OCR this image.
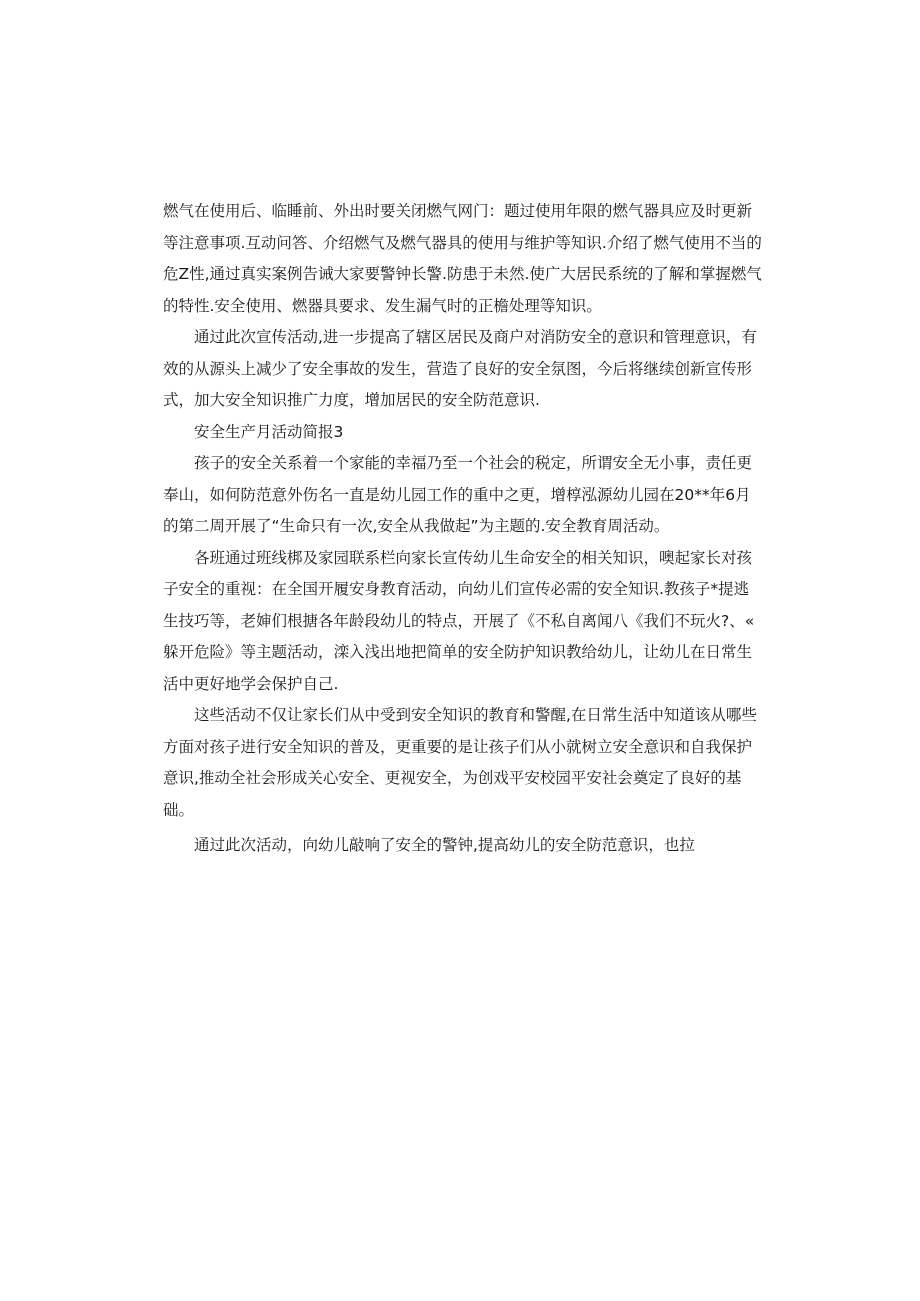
燃气在使用后、临睡前、外出时要关闭燃气网门：题过使用年限的燃气器具应及时更新
等注意事项.互动问答、介绍燃气及燃气器具的使用与维护等知识.介绍了燃气使用不当的
危Z性,通过真实案例告诫大家要警钟长警.防患于未然.使广大居民系统的了解和掌握燃气
的特性.安全使用、燃器具要求、发生漏气时的正檐处理等知识。
通过此次宣传活动,进一步提高了辖区居民及商户对消防安全的意识和管理意识，有
效的从源头上减少了安全事故的发生，营造了良好的安全氛图，今后将继续创新宣传形
式，加大安全知识推广力度，增加居民的安全防范意识.
安全生产月活动简报3
孩子的安全关系着一个家能的幸福乃至一个社会的税定，所谓安全无小事，责任更
奉山，如何防范意外伤名一直是幼儿园工作的重中之更，增椁泓源幼儿园在20**年6月
的第二周开展了“生命只有一次,安全从我做起”为主题的.安全教育周活动。
各班通过班线梆及家园联系栏向家长宣传幼儿生命安全的相关知识，噢起家长对孩
子安全的重视：在全国开履安身教育活动，向幼儿们宣传必需的安全知识.教孩子*提逃
生技巧等，老婶们根搪各年龄段幼儿的特点，开展了《不私自离闻八《我们不玩火?、«
躲开危险》等主题活动，滦入浅出地把简单的安全防护知识教给幼儿，让幼儿在日常生
活中更好地学会保护自己.
这些活动不仅让家长们从中受到安全知识的教育和警醒,在日常生活中知道该从哪些
方面对孩子进行安全知识的普及，更重要的是让孩子们从小就树立安全意识和自我保护
意识,推动全社会形成关心安全、更视安全，为创戏平安校园平安社会奠定了良好的基
础。
通过此次活动，向幼儿敲响了安全的警钟,提高幼儿的安全防范意识，也拉
